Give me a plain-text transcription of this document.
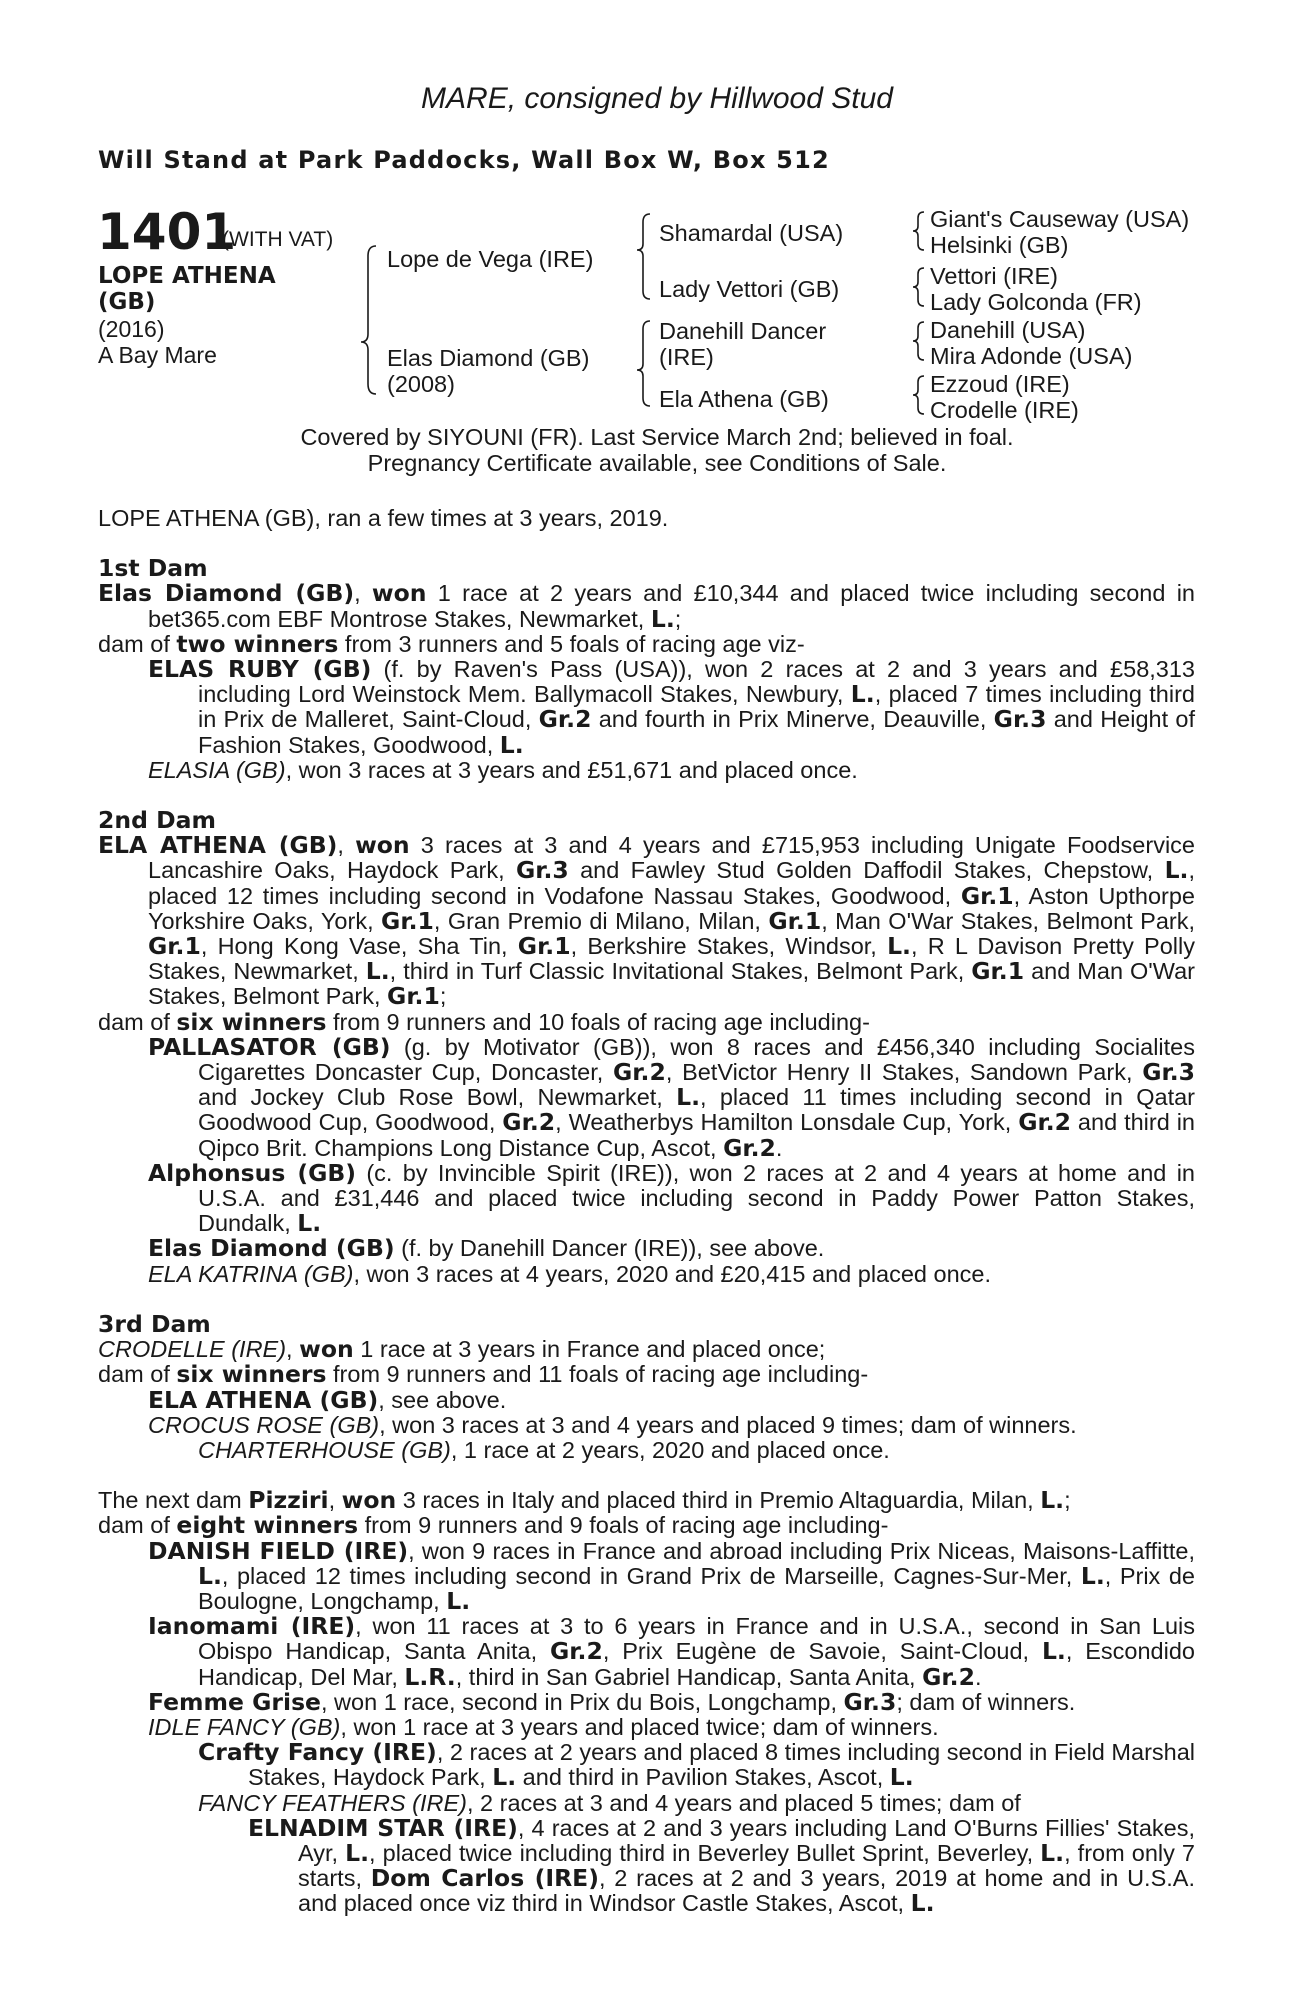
MARE, consigned by Hillwood Stud
Will Stand at Park Paddocks, Wall Box W, Box 512
1401
(WITH VAT)
LOPE ATHENA
(GB)
(2016)
A Bay Mare
Lope de Vega (IRE)
Elas Diamond (GB)
(2008)
Shamardal (USA)
Lady Vettori (GB)
Danehill Dancer
(IRE)
Ela Athena (GB)
Giant's Causeway (USA)
Helsinki (GB)
Vettori (IRE)
Lady Golconda (FR)
Danehill (USA)
Mira Adonde (USA)
Ezzoud (IRE)
Crodelle (IRE)
Covered by SIYOUNI (FR). Last Service March 2nd; believed in foal.
Pregnancy Certificate available, see Conditions of Sale.

LOPE ATHENA (GB), ran a few times at 3 years, 2019.

1st Dam

Elas Diamond (GB), won 1 race at 2 years and £10,344 and placed twice including second in bet365.com EBF Montrose Stakes, Newmarket, L.;

dam of two winners from 3 runners and 5 foals of racing age viz-

ELAS RUBY (GB) (f. by Raven's Pass (USA)), won 2 races at 2 and 3 years and £58,313 including Lord Weinstock Mem. Ballymacoll Stakes, Newbury, L., placed 7 times including third in Prix de Malleret, Saint-Cloud, Gr.2 and fourth in Prix Minerve, Deauville, Gr.3 and Height of Fashion Stakes, Goodwood, L.

ELASIA (GB), won 3 races at 3 years and £51,671 and placed once.

2nd Dam

ELA ATHENA (GB), won 3 races at 3 and 4 years and £715,953 including Unigate Foodservice Lancashire Oaks, Haydock Park, Gr.3 and Fawley Stud Golden Daffodil Stakes, Chepstow, L., placed 12 times including second in Vodafone Nassau Stakes, Goodwood, Gr.1, Aston Upthorpe Yorkshire Oaks, York, Gr.1, Gran Premio di Milano, Milan, Gr.1, Man O'War Stakes, Belmont Park, Gr.1, Hong Kong Vase, Sha Tin, Gr.1, Berkshire Stakes, Windsor, L., R L Davison Pretty Polly Stakes, Newmarket, L., third in Turf Classic Invitational Stakes, Belmont Park, Gr.1 and Man O'War Stakes, Belmont Park, Gr.1;

dam of six winners from 9 runners and 10 foals of racing age including-

PALLASATOR (GB) (g. by Motivator (GB)), won 8 races and £456,340 including Socialites Cigarettes Doncaster Cup, Doncaster, Gr.2, BetVictor Henry II Stakes, Sandown Park, Gr.3 and Jockey Club Rose Bowl, Newmarket, L., placed 11 times including second in Qatar Goodwood Cup, Goodwood, Gr.2, Weatherbys Hamilton Lonsdale Cup, York, Gr.2 and third in Qipco Brit. Champions Long Distance Cup, Ascot, Gr.2.

Alphonsus (GB) (c. by Invincible Spirit (IRE)), won 2 races at 2 and 4 years at home and in U.S.A. and £31,446 and placed twice including second in Paddy Power Patton Stakes, Dundalk, L.

Elas Diamond (GB) (f. by Danehill Dancer (IRE)), see above.

ELA KATRINA (GB), won 3 races at 4 years, 2020 and £20,415 and placed once.

3rd Dam

CRODELLE (IRE), won 1 race at 3 years in France and placed once;

dam of six winners from 9 runners and 11 foals of racing age including-

ELA ATHENA (GB), see above.

CROCUS ROSE (GB), won 3 races at 3 and 4 years and placed 9 times; dam of winners.

CHARTERHOUSE (GB), 1 race at 2 years, 2020 and placed once.

The next dam Pizziri, won 3 races in Italy and placed third in Premio Altaguardia, Milan, L.;

dam of eight winners from 9 runners and 9 foals of racing age including-

DANISH FIELD (IRE), won 9 races in France and abroad including Prix Niceas, Maisons-Laffitte, L., placed 12 times including second in Grand Prix de Marseille, Cagnes-Sur-Mer, L., Prix de Boulogne, Longchamp, L.

Ianomami (IRE), won 11 races at 3 to 6 years in France and in U.S.A., second in San Luis Obispo Handicap, Santa Anita, Gr.2, Prix Eugène de Savoie, Saint-Cloud, L., Escondido Handicap, Del Mar, L.R., third in San Gabriel Handicap, Santa Anita, Gr.2.

Femme Grise, won 1 race, second in Prix du Bois, Longchamp, Gr.3; dam of winners.

IDLE FANCY (GB), won 1 race at 3 years and placed twice; dam of winners.

Crafty Fancy (IRE), 2 races at 2 years and placed 8 times including second in Field Marshal Stakes, Haydock Park, L. and third in Pavilion Stakes, Ascot, L.

FANCY FEATHERS (IRE), 2 races at 3 and 4 years and placed 5 times; dam of

ELNADIM STAR (IRE), 4 races at 2 and 3 years including Land O'Burns Fillies' Stakes, Ayr, L., placed twice including third in Beverley Bullet Sprint, Beverley, L., from only 7 starts, Dom Carlos (IRE), 2 races at 2 and 3 years, 2019 at home and in U.S.A. and placed once viz third in Windsor Castle Stakes, Ascot, L.
